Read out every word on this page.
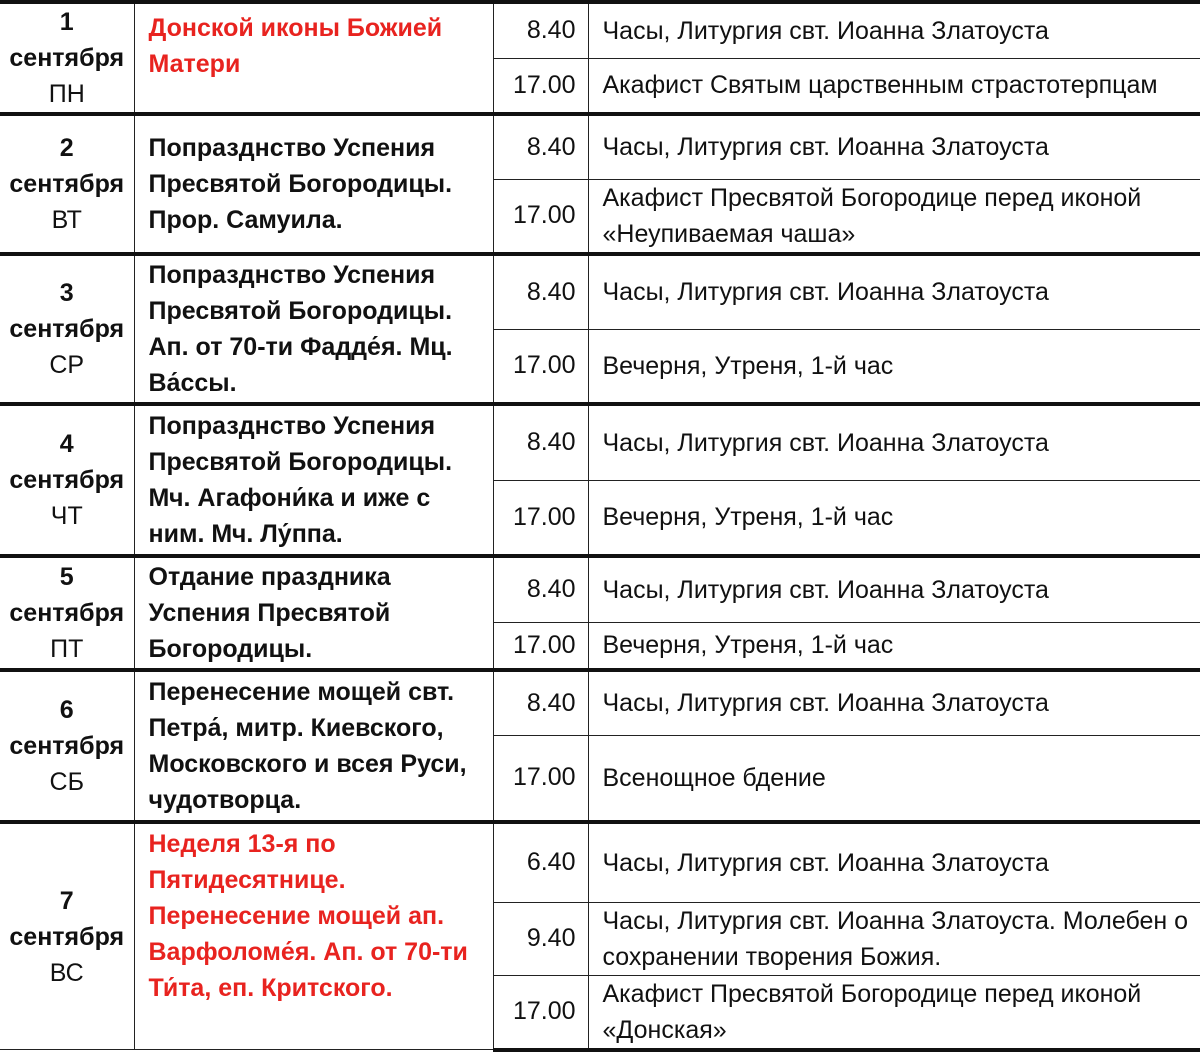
1
сентября
ПН	Донской иконы Божией Матери	8.40	Часы, Литургия свт. Иоанна Златоуста
		17.00	Акафист Святым царственным страстотерпцам

2
сентября
ВТ	Попразднство Успения Пресвятой Богородицы. Прор. Самуила.	8.40	Часы, Литургия свт. Иоанна Златоуста
		17.00	Акафист Пресвятой Богородице перед иконой «Неупиваемая чаша»

3
сентября
СР	Попразднство Успения Пресвятой Богородицы. Ап. от 70-ти Фадде́я. Мц. Ва́ссы.	8.40	Часы, Литургия свт. Иоанна Златоуста
		17.00	Вечерня, Утреня, 1-й час

4
сентября
ЧТ	Попразднство Успения Пресвятой Богородицы. Мч. Агафони́ка и иже с ним. Мч. Лу́ппа.	8.40	Часы, Литургия свт. Иоанна Златоуста
		17.00	Вечерня, Утреня, 1-й час

5
сентября
ПТ	Отдание праздника Успения Пресвятой Богородицы.	8.40	Часы, Литургия свт. Иоанна Златоуста
		17.00	Вечерня, Утреня, 1-й час

6
сентября
СБ	Перенесение мощей свт. Петра́, митр. Киевского, Московского и всея Руси, чудотворца.	8.40	Часы, Литургия свт. Иоанна Златоуста
		17.00	Всенощное бдение

7
сентября
ВС	Неделя 13-я по Пятидесятнице. Перенесение мощей ап. Варфоломе́я. Ап. от 70-ти Ти́та, еп. Критского.	6.40	Часы, Литургия свт. Иоанна Златоуста
		9.40	Часы, Литургия свт. Иоанна Златоуста. Молебен о сохранении творения Божия.
		17.00	Акафист Пресвятой Богородице перед иконой «Донская»
